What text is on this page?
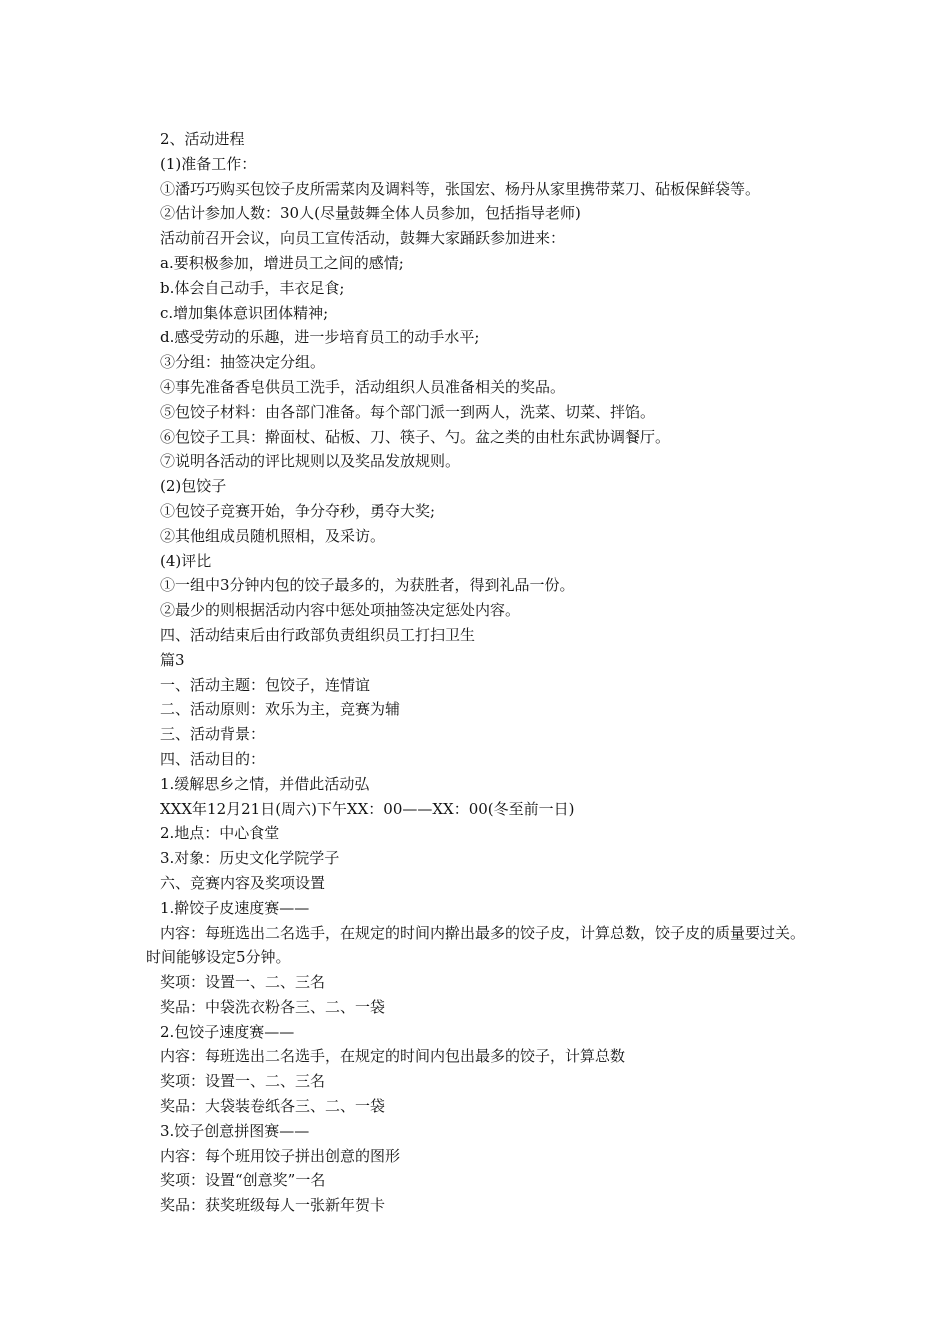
2、活动进程
(1)准备工作：
①潘巧巧购买包饺子皮所需菜肉及调料等，张国宏、杨丹从家里携带菜刀、砧板保鲜袋等。
②估计参加人数：30人(尽量鼓舞全体人员参加，包括指导老师)
活动前召开会议，向员工宣传活动，鼓舞大家踊跃参加进来：
a.要积极参加，增进员工之间的感情;
b.体会自己动手，丰衣足食;
c.增加集体意识团体精神;
d.感受劳动的乐趣，进一步培育员工的动手水平;
③分组：抽签决定分组。
④事先准备香皂供员工洗手，活动组织人员准备相关的奖品。
⑤包饺子材料：由各部门准备。每个部门派一到两人，洗菜、切菜、拌馅。
⑥包饺子工具：擀面杖、砧板、刀、筷子、勺。盆之类的由杜东武协调餐厅。
⑦说明各活动的评比规则以及奖品发放规则。
(2)包饺子
①包饺子竞赛开始，争分夺秒，勇夺大奖;
②其他组成员随机照相，及采访。
(4)评比
①一组中3分钟内包的饺子最多的，为获胜者，得到礼品一份。
②最少的则根据活动内容中惩处项抽签决定惩处内容。
四、活动结束后由行政部负责组织员工打扫卫生
篇3
一、活动主题：包饺子，连情谊
二、活动原则：欢乐为主，竞赛为辅
三、活动背景：
四、活动目的：
1.缓解思乡之情，并借此活动弘
XXX年12月21日(周六)下午XX：00——XX：00(冬至前一日)
2.地点：中心食堂
3.对象：历史文化学院学子
六、竞赛内容及奖项设置
1.擀饺子皮速度赛——
内容：每班选出二名选手，在规定的时间内擀出最多的饺子皮，计算总数，饺子皮的质量要过关。时间能够设定5分钟。
奖项：设置一、二、三名
奖品：中袋洗衣粉各三、二、一袋
2.包饺子速度赛——
内容：每班选出二名选手，在规定的时间内包出最多的饺子，计算总数
奖项：设置一、二、三名
奖品：大袋装卷纸各三、二、一袋
3.饺子创意拼图赛——
内容：每个班用饺子拼出创意的图形
奖项：设置“创意奖”一名
奖品：获奖班级每人一张新年贺卡
